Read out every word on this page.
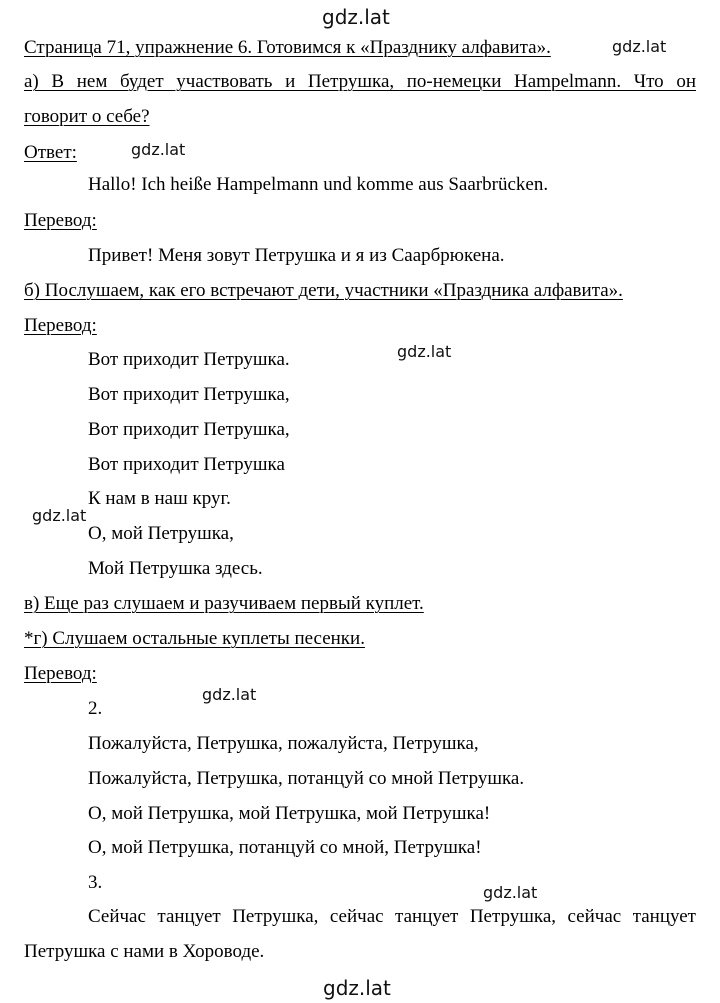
gdz.lat
gdz.lat
gdz.lat
gdz.lat
gdz.lat
gdz.lat
gdz.lat
gdz.lat
Страница 71, упражнение 6. Готовимся к «Празднику алфавита».
а) В нем будет участвовать и Петрушка, по-немецки Hampelmann. Что он
говорит о себе?
Ответ:
Hallo! Ich heiße Hampelmann und komme aus Saarbrücken.
Перевод:
Привет! Меня зовут Петрушка и я из Саарбрюкена.
б) Послушаем, как его встречают дети, участники «Праздника алфавита».
Перевод:
Вот приходит Петрушка.
Вот приходит Петрушка,
Вот приходит Петрушка,
Вот приходит Петрушка
К нам в наш круг.
О, мой Петрушка,
Мой Петрушка здесь.
в) Еще раз слушаем и разучиваем первый куплет.
*г) Слушаем остальные куплеты песенки.
Перевод:
2.
Пожалуйста, Петрушка, пожалуйста, Петрушка,
Пожалуйста, Петрушка, потанцуй со мной Петрушка.
О, мой Петрушка, мой Петрушка, мой Петрушка!
О, мой Петрушка, потанцуй со мной, Петрушка!
3.
Сейчас танцует Петрушка, сейчас танцует Петрушка, сейчас танцует
Петрушка с нами в Хороводе.
